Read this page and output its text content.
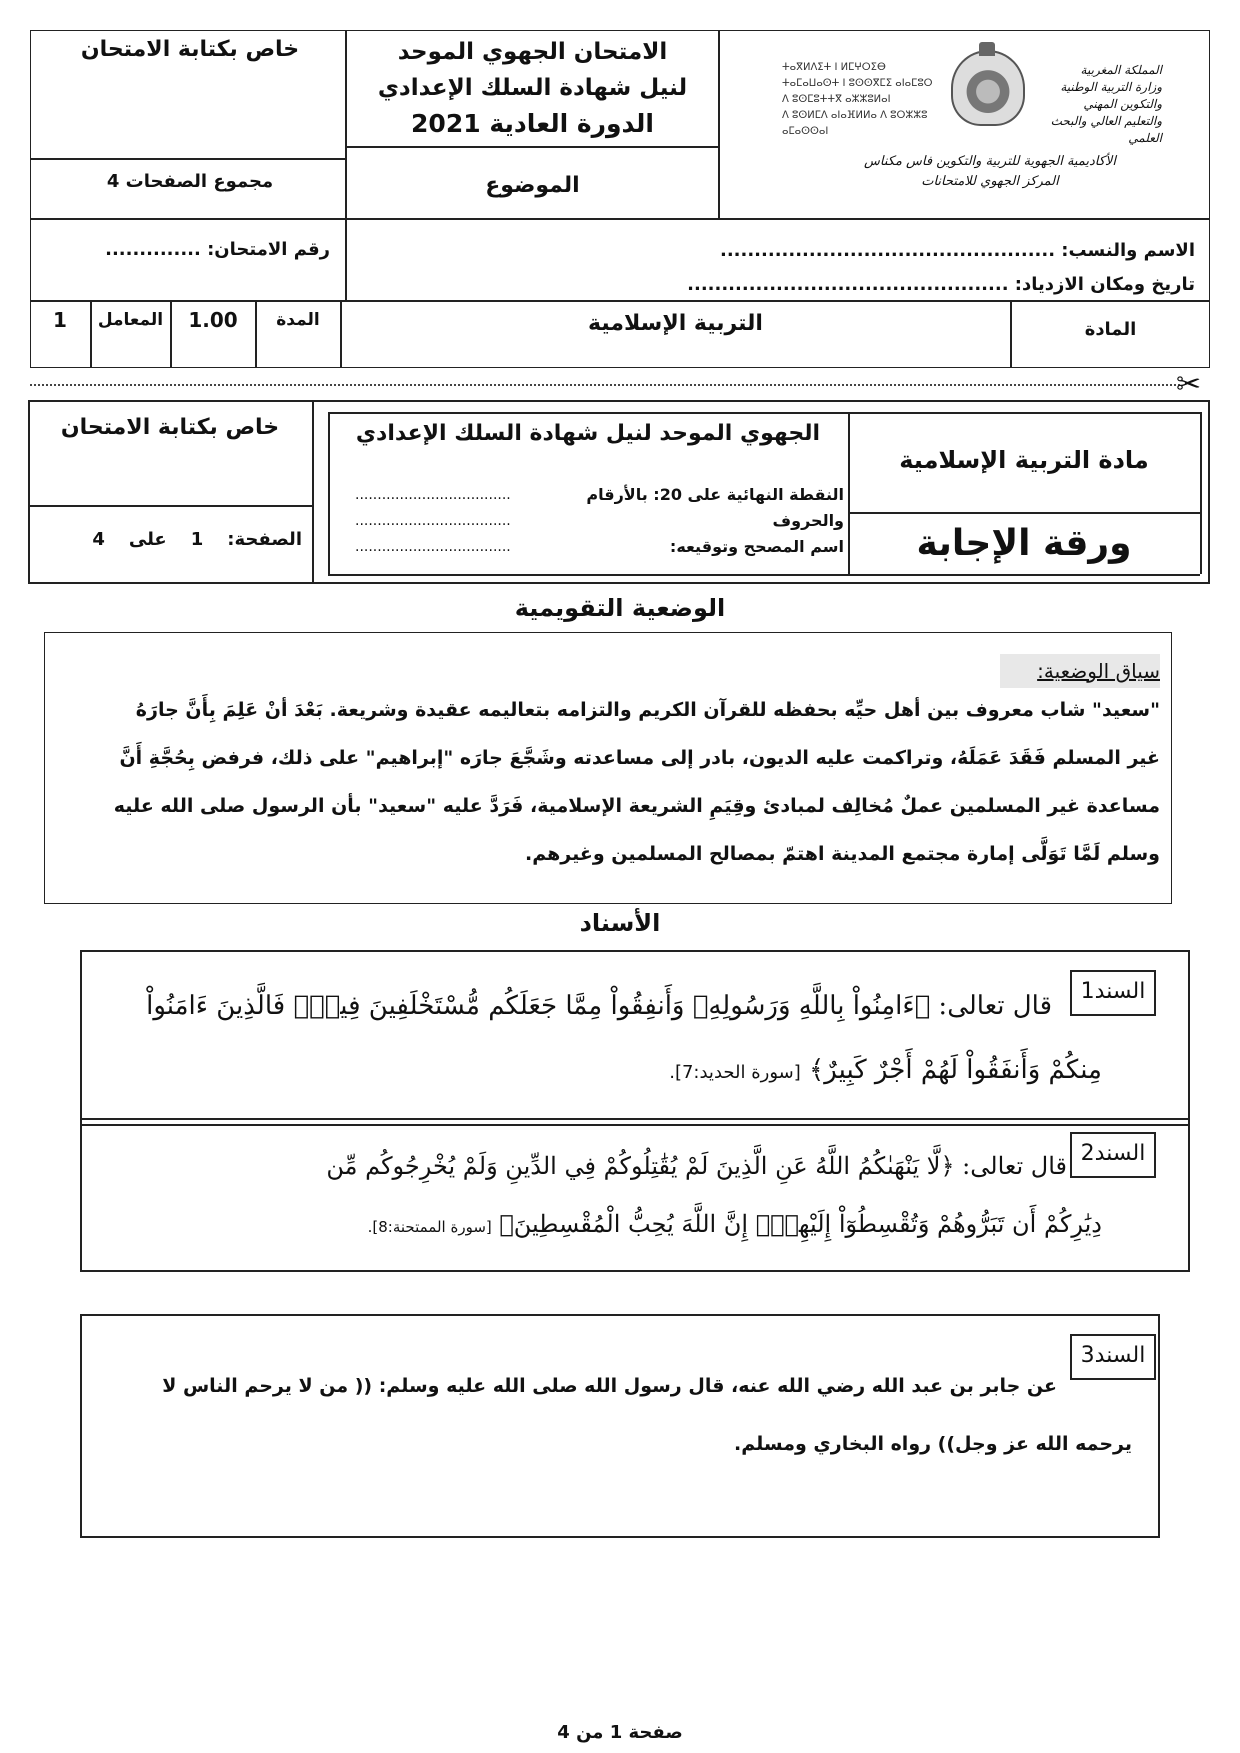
خاص بكتابة الامتحان	الامتحان الجهوي الموحد
لنيل شهادة السلك الإعدادي
الدورة العادية 2021
ⵜⴰⴳⵍⴷⵉⵜ ⵏ ⵍⵎⵖⵔⵉⴱ
ⵜⴰⵎⴰⵡⴰⵙⵜ ⵏ ⵓⵙⵙⴳⵎⵉ ⴰⵏⴰⵎⵓⵔ
ⴷ ⵓⵙⵎⵓⵜⵜⴳ ⴰⵣⵣⵓⵍⴰⵏ
ⴷ ⵓⵙⵍⵎⴷ ⴰⵏⴰⴼⵍⵍⴰ ⴷ ⵓⵔⵣⵣⵓ ⴰⵎⴰⵙⵙⴰⵏ
المملكة المغربية
وزارة التربية الوطنية
والتكوين المهني
والتعليم العالي والبحث العلمي
الأكاديمية الجهوية للتربية والتكوين فاس مكناس
المركز الجهوي للامتحانات
مجموع الصفحات 4	الموضوع
رقم الامتحان: ..............	الاسم والنسب: .................................................
تاريخ ومكان الازدياد: ...............................................
1	المعامل	1.00	المدة	التربية الإسلامية	المادة
✂
خاص بكتابة الامتحان	الجهوي الموحد لنيل شهادة السلك الإعدادي
النقطة النهائية على 20: بالأرقام
...................................
والحروف
...................................
اسم المصحح وتوقيعه:
...................................
مادة التربية الإسلامية
ورقة الإجابة
الصفحة: 1 على 4
الوضعية التقويمية
سياق الوضعية:
"سعيد" شاب معروف بين أهل حيِّه بحفظه للقرآن الكريم والتزامه بتعاليمه عقيدة وشريعة. بَعْدَ أنْ عَلِمَ بِأَنَّ جارَهُ
غير المسلم فَقَدَ عَمَلَهُ، وتراكمت عليه الديون، بادر إلى مساعدته وشَجَّعَ جارَه "إبراهيم" على ذلك، فرفض بِحُجَّةِ أَنَّ
مساعدة غير المسلمين عملٌ مُخالِف لمبادئ وقِيَمِ الشريعة الإسلامية، فَرَدَّ عليه "سعيد" بأن الرسول صلى الله عليه
وسلم لَمَّا تَوَلَّى إمارة مجتمع المدينة اهتمّ بمصالح المسلمين وغيرهم.
الأسناد
السند1
قال تعالى: ﴿ءَامِنُواْ بِاللَّهِ وَرَسُولِهِۦ وَأَنفِقُواْ مِمَّا جَعَلَكُم مُّسْتَخْلَفِينَ فِيهِۖ فَالَّذِينَ ءَامَنُواْ
مِنكُمْ وَأَنفَقُواْ لَهُمْ أَجْرٌ كَبِيرٌ﴾ [سورة الحديد:7].
السند2
قال تعالى: ﴿لَّا يَنْهَىٰكُمُ اللَّهُ عَنِ الَّذِينَ لَمْ يُقَٰتِلُوكُمْ فِي الدِّينِ وَلَمْ يُخْرِجُوكُم مِّن
دِيَٰرِكُمْ أَن تَبَرُّوهُمْ وَتُقْسِطُوٓاْ إِلَيْهِمْۚ إِنَّ اللَّهَ يُحِبُّ الْمُقْسِطِينَ﴾ [سورة الممتحنة:8].
السند3
عن جابر بن عبد الله رضي الله عنه، قال رسول الله صلى الله عليه وسلم: (( من لا يرحم الناس لا
يرحمه الله عز وجل)) رواه البخاري ومسلم.
صفحة 1 من 4
